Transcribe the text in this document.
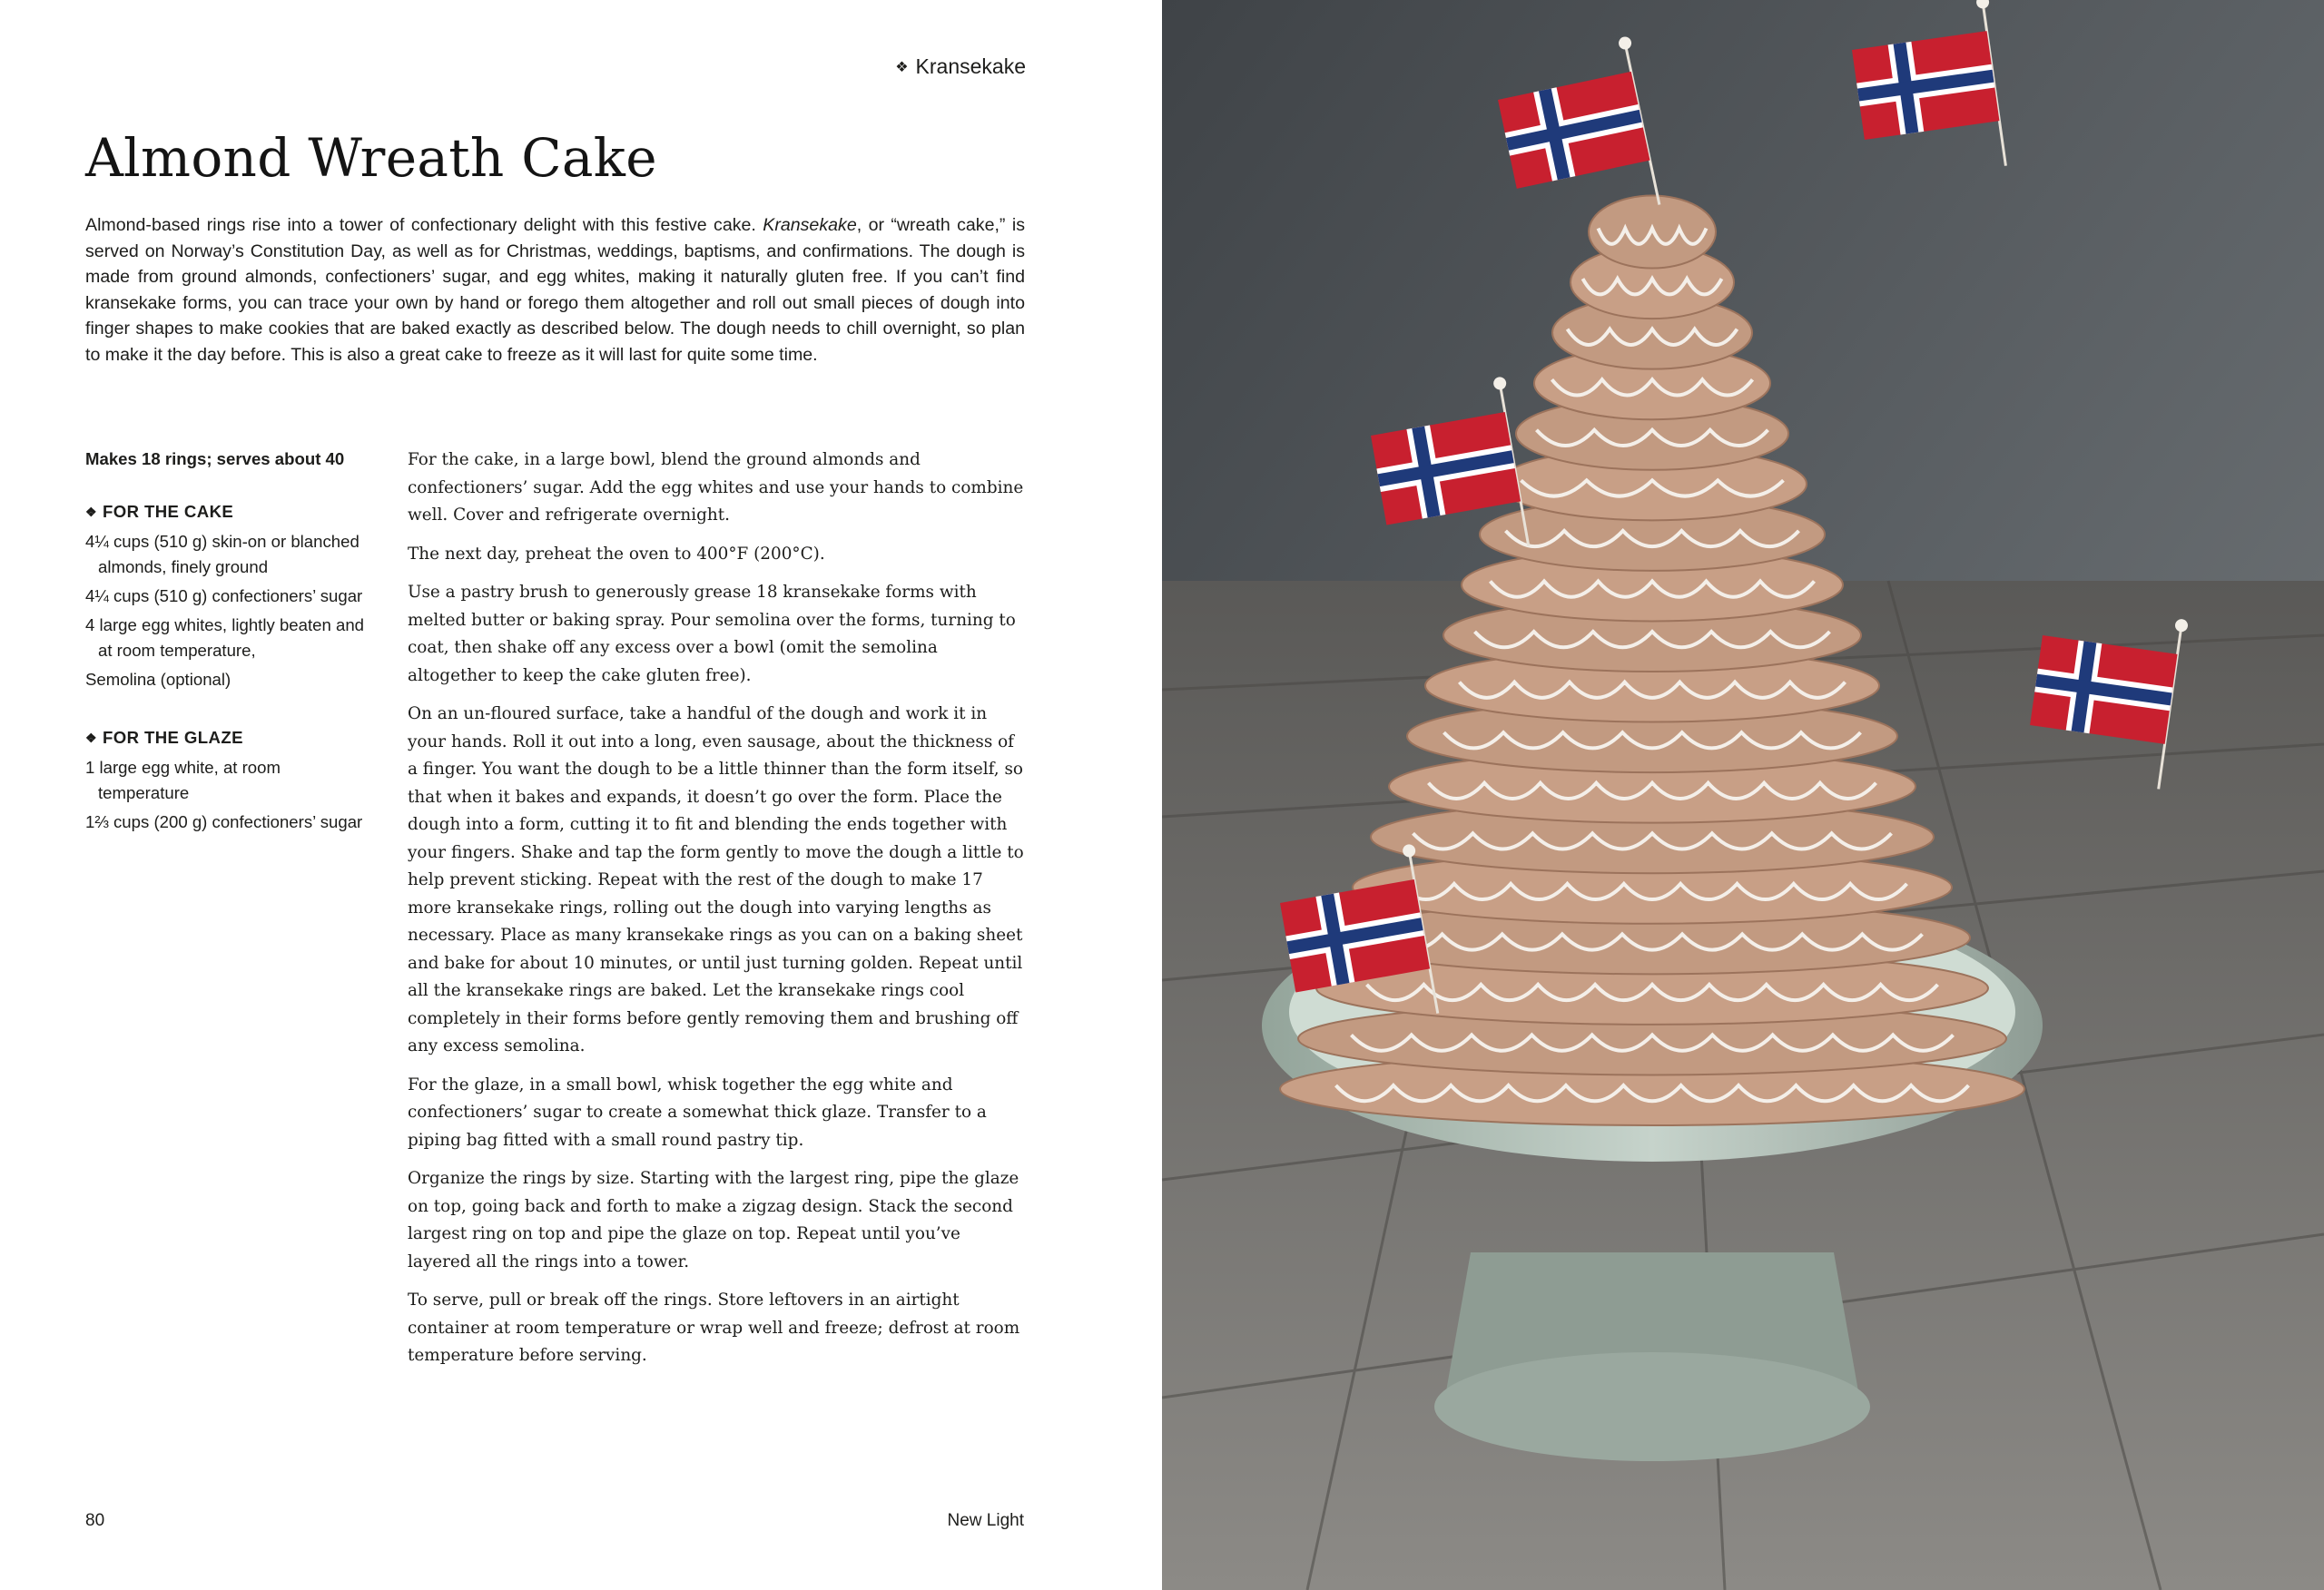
❖ Kransekake
Almond Wreath Cake

Almond-based rings rise into a tower of confectionary delight with this festive cake. Kransekake, or “wreath cake,” is served on Norway’s Constitution Day, as well as for Christmas, weddings, baptisms, and confirmations. The dough is made from ground almonds, confectioners’ sugar, and egg whites, making it naturally gluten free. If you can’t find kransekake forms, you can trace your own by hand or forego them altogether and roll out small pieces of dough into finger shapes to make cookies that are baked exactly as described below. The dough needs to chill overnight, so plan to make it the day before. This is also a great cake to freeze as it will last for quite some time.

Makes 18 rings; serves about 40

❖ FOR THE CAKE

4¼ cups (510 g) skin-on or blanched almonds, finely ground
4¼ cups (510 g) confectioners’ sugar
4 large egg whites, lightly beaten and at room temperature,
Semolina (optional)

❖ FOR THE GLAZE

1 large egg white, at room temperature
1⅔ cups (200 g) confectioners’ sugar

For the cake, in a large bowl, blend the ground almonds and confectioners’ sugar. Add the egg whites and use your hands to combine well. Cover and refrigerate overnight.

The next day, preheat the oven to 400°F (200°C).

Use a pastry brush to generously grease 18 kransekake forms with melted butter or baking spray. Pour semolina over the forms, turning to coat, then shake off any excess over a bowl (omit the semolina altogether to keep the cake gluten free).

On an un-floured surface, take a handful of the dough and work it in your hands. Roll it out into a long, even sausage, about the thickness of a finger. You want the dough to be a little thinner than the form itself, so that when it bakes and expands, it doesn’t go over the form. Place the dough into a form, cutting it to fit and blending the ends together with your fingers. Shake and tap the form gently to move the dough a little to help prevent sticking. Repeat with the rest of the dough to make 17 more kransekake rings, rolling out the dough into varying lengths as necessary. Place as many kransekake rings as you can on a baking sheet and bake for about 10 minutes, or until just turning golden. Repeat until all the kransekake rings are baked. Let the kransekake rings cool completely in their forms before gently removing them and brushing off any excess semolina.

For the glaze, in a small bowl, whisk together the egg white and confectioners’ sugar to create a somewhat thick glaze. Transfer to a piping bag fitted with a small round pastry tip.

Organize the rings by size. Starting with the largest ring, pipe the glaze on top, going back and forth to make a zigzag design. Stack the second largest ring on top and pipe the glaze on top. Repeat until you’ve layered all the rings into a tower.

To serve, pull or break off the rings. Store leftovers in an airtight container at room temperature or wrap well and freeze; defrost at room temperature before serving.

80	New Light
